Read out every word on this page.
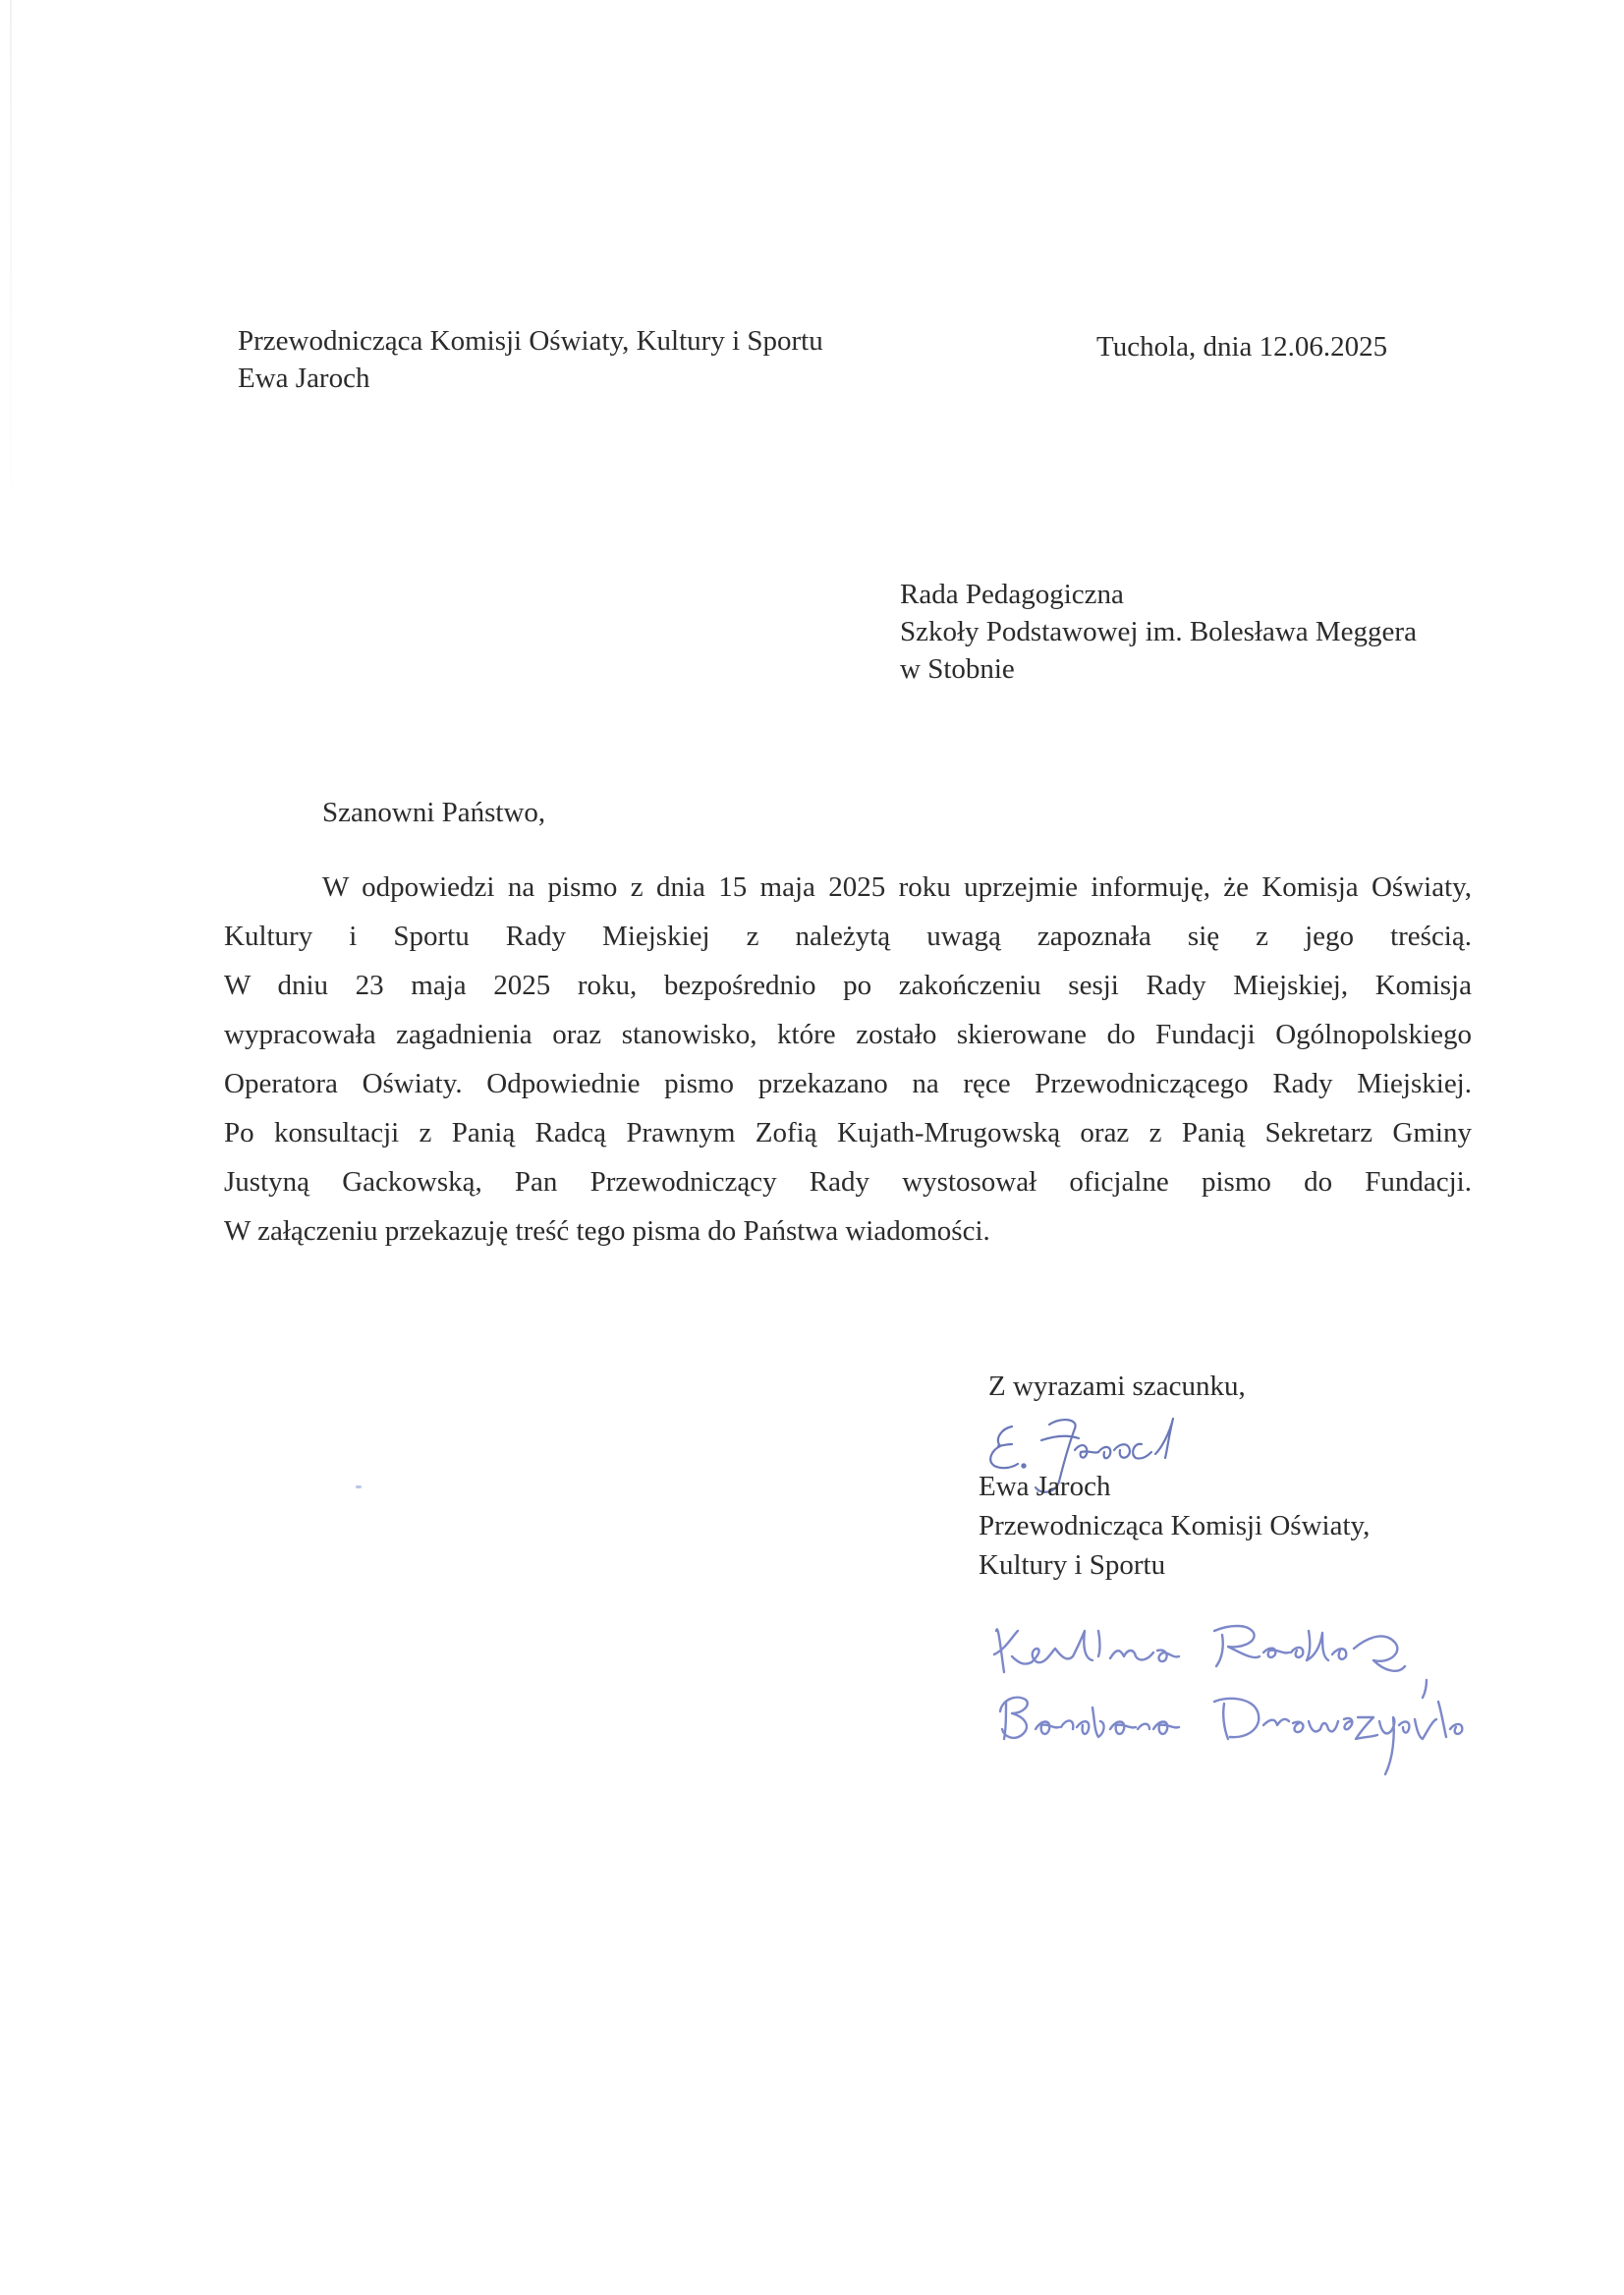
Przewodnicząca Komisji Oświaty, Kultury i Sportu
Ewa Jaroch
Tuchola, dnia 12.06.2025
Rada Pedagogiczna
Szkoły Podstawowej im. Bolesława Meggera
w Stobnie
Szanowni Państwo,
W odpowiedzi na pismo z dnia 15 maja 2025 roku uprzejmie informuję, że Komisja Oświaty,
Kultury i Sportu Rady Miejskiej z należytą uwagą zapoznała się z jego treścią.
W dniu 23 maja 2025 roku, bezpośrednio po zakończeniu sesji Rady Miejskiej, Komisja
wypracowała zagadnienia oraz stanowisko, które zostało skierowane do Fundacji Ogólnopolskiego
Operatora Oświaty. Odpowiednie pismo przekazano na ręce Przewodniczącego Rady Miejskiej.
Po konsultacji z Panią Radcą Prawnym Zofią Kujath-Mrugowską oraz z Panią Sekretarz Gminy
Justyną Gackowską, Pan Przewodniczący Rady wystosował oficjalne pismo do Fundacji.
W załączeniu przekazuję treść tego pisma do Państwa wiadomości.
Z wyrazami szacunku,
Ewa Jaroch
Przewodnicząca Komisji Oświaty,
Kultury i Sportu
